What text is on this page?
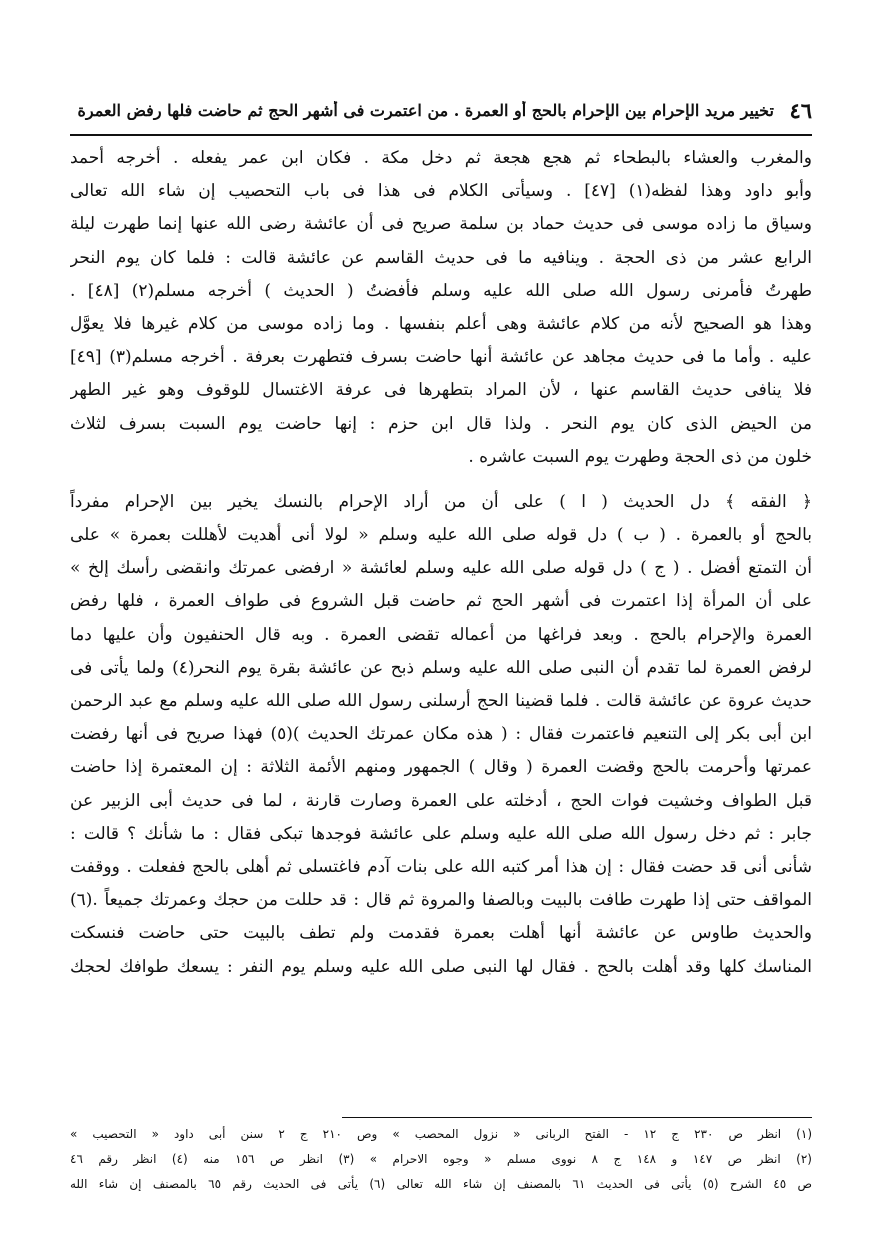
٤٦
تخيير مريد الإحرام بين الإحرام بالحج أو العمرة . من اعتمرت فى أشهر الحج ثم حاضت فلها رفض العمرة
والمغرب والعشاء بالبطحاء ثم هجع هجعة ثم دخل مكة . فكان ابن عمر يفعله . أخرجه أحمد
وأبو داود وهذا لفظه(١) [٤٧] . وسيأتى الكلام فى هذا فى باب التحصيب إن شاء الله تعالى
وسياق ما زاده موسى فى حديث حماد بن سلمة صريح فى أن عائشة رضى الله عنها إنما طهرت ليلة
الرابع عشر من ذى الحجة . وينافيه ما فى حديث القاسم عن عائشة قالت : فلما كان يوم النحر
طهرتُ فأمرنى رسول الله صلى الله عليه وسلم فأفضتُ ( الحديث ) أخرجه مسلم(٢) [٤٨] .
وهذا هو الصحيح لأنه من كلام عائشة وهى أعلم بنفسها . وما زاده موسى من كلام غيرها فلا يعوَّل
عليه . وأما ما فى حديث مجاهد عن عائشة أنها حاضت بسرف فتطهرت بعرفة . أخرجه مسلم(٣) [٤٩]
فلا ينافى حديث القاسم عنها ، لأن المراد بتطهرها فى عرفة الاغتسال للوقوف وهو غير الطهر
من الحيض الذى كان يوم النحر . ولذا قال ابن حزم : إنها حاضت يوم السبت بسرف لثلاث
خلون من ذى الحجة وطهرت يوم السبت عاشره .
﴿ الفقه ﴾ دل الحديث ( ا ) على أن من أراد الإحرام بالنسك يخير بين الإحرام مفرداً
بالحج أو بالعمرة . ( ب ) دل قوله صلى الله عليه وسلم « لولا أنى أهديت لأهللت بعمرة » على
أن التمتع أفضل . ( ج ) دل قوله صلى الله عليه وسلم لعائشة « ارفضى عمرتك وانقضى رأسك إلخ »
على أن المرأة إذا اعتمرت فى أشهر الحج ثم حاضت قبل الشروع فى طواف العمرة ، فلها رفض
العمرة والإحرام بالحج . وبعد فراغها من أعماله تقضى العمرة . وبه قال الحنفيون وأن عليها دما
لرفض العمرة لما تقدم أن النبى صلى الله عليه وسلم ذبح عن عائشة بقرة يوم النحر(٤) ولما يأتى فى
حديث عروة عن عائشة قالت . فلما قضينا الحج أرسلنى رسول الله صلى الله عليه وسلم مع عبد الرحمن
ابن أبى بكر إلى التنعيم فاعتمرت فقال : ( هذه مكان عمرتك الحديث )(٥) فهذا صريح فى أنها رفضت
عمرتها وأحرمت بالحج وقضت العمرة ( وقال ) الجمهور ومنهم الأئمة الثلاثة : إن المعتمرة إذا حاضت
قبل الطواف وخشيت فوات الحج ، أدخلته على العمرة وصارت قارنة ، لما فى حديث أبى الزبير عن
جابر : ثم دخل رسول الله صلى الله عليه وسلم على عائشة فوجدها تبكى فقال : ما شأنك ؟ قالت :
شأنى أنى قد حضت فقال : إن هذا أمر كتبه الله على بنات آدم فاغتسلى ثم أهلى بالحج ففعلت . ووقفت
المواقف حتى إذا طهرت طافت بالبيت وبالصفا والمروة ثم قال : قد حللت من حجك وعمرتك جميعاً .(٦)
والحديث طاوس عن عائشة أنها أهلت بعمرة فقدمت ولم تطف بالبيت حتى حاضت فنسكت
المناسك كلها وقد أهلت بالحج . فقال لها النبى صلى الله عليه وسلم يوم النفر : يسعك طوافك لحجك
(١) انظر ص ٢٣٠ ج ١٢ - الفتح الربانى « نزول المحصب » وص ٢١٠ ج ٢ سنن أبى داود « التحصيب »
(٢) انظر ص ١٤٧ و ١٤٨ ج ٨ نووى مسلم « وجوه الاحرام » (٣) انظر ص ١٥٦ منه (٤) انظر رقم ٤٦
ص ٤٥ الشرح (٥) يأتى فى الحديث ٦١ بالمصنف إن شاء الله تعالى (٦) يأتى فى الحديث رقم ٦٥ بالمصنف إن شاء الله
